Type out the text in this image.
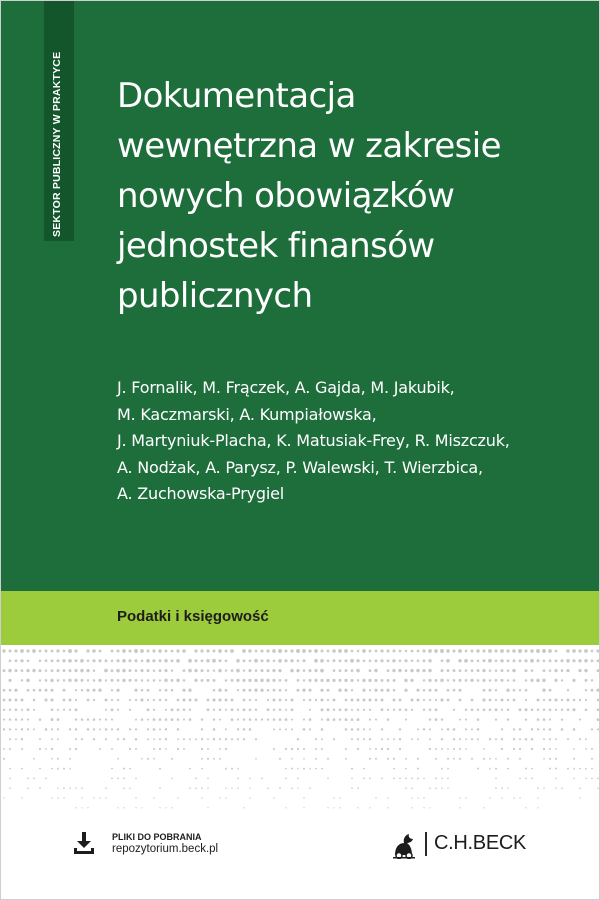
SEKTOR PUBLICZNY W PRAKTYCE Dokumentacja
wewnętrzna w zakresie
nowych obowiązków
jednostek finansów
publicznych
J. Fornalik, M. Frączek, A. Gajda, M. Jakubik,
M. Kaczmarski, A. Kumpiałowska,
J. Martyniuk-Placha, K. Matusiak-Frey, R. Miszczuk,
A. Nodżak, A. Parysz, P. Walewski, T. Wierzbica,
A. Zuchowska-Prygiel
Podatki i księgowość
PLIKI DO POBRANIA
repozytorium.beck.pl	C.H.BECK
